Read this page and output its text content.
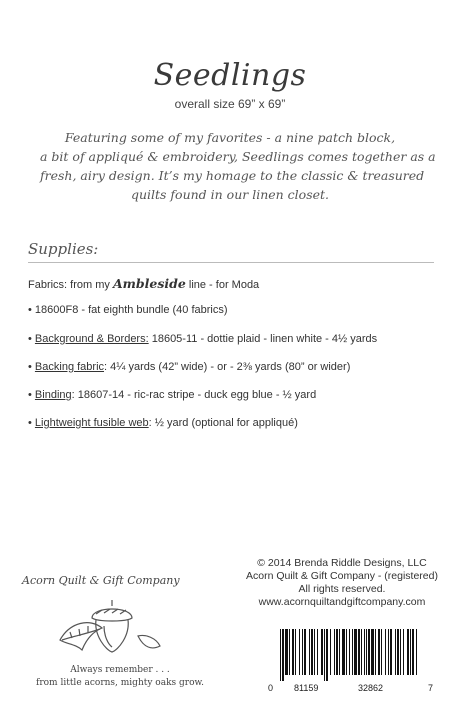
Seedlings
overall size 69” x 69”
Featuring some of my favorites - a nine patch block,
a bit of appliqué & embroidery, Seedlings comes together as a
fresh, airy design. It’s my homage to the classic & treasured
quilts found in our linen closet.
Supplies:
Fabrics: from my Ambleside line - for Moda
• 18600F8 - fat eighth bundle (40 fabrics)
• Background & Borders: 18605-11 - dottie plaid - linen white - 4½ yards
• Backing fabric: 4¼ yards (42” wide) - or - 2⅜ yards (80” or wider)
• Binding: 18607-14 - ric-rac stripe - duck egg blue - ½ yard
• Lightweight fusible web: ½ yard (optional for appliqué)
Acorn Quilt & Gift Company
Always remember . . .
from little acorns, mighty oaks grow.
© 2014 Brenda Riddle Designs, LLC
Acorn Quilt & Gift Company - (registered)
All rights reserved.
www.acornquiltandgiftcompany.com
0 81159	32862	7
